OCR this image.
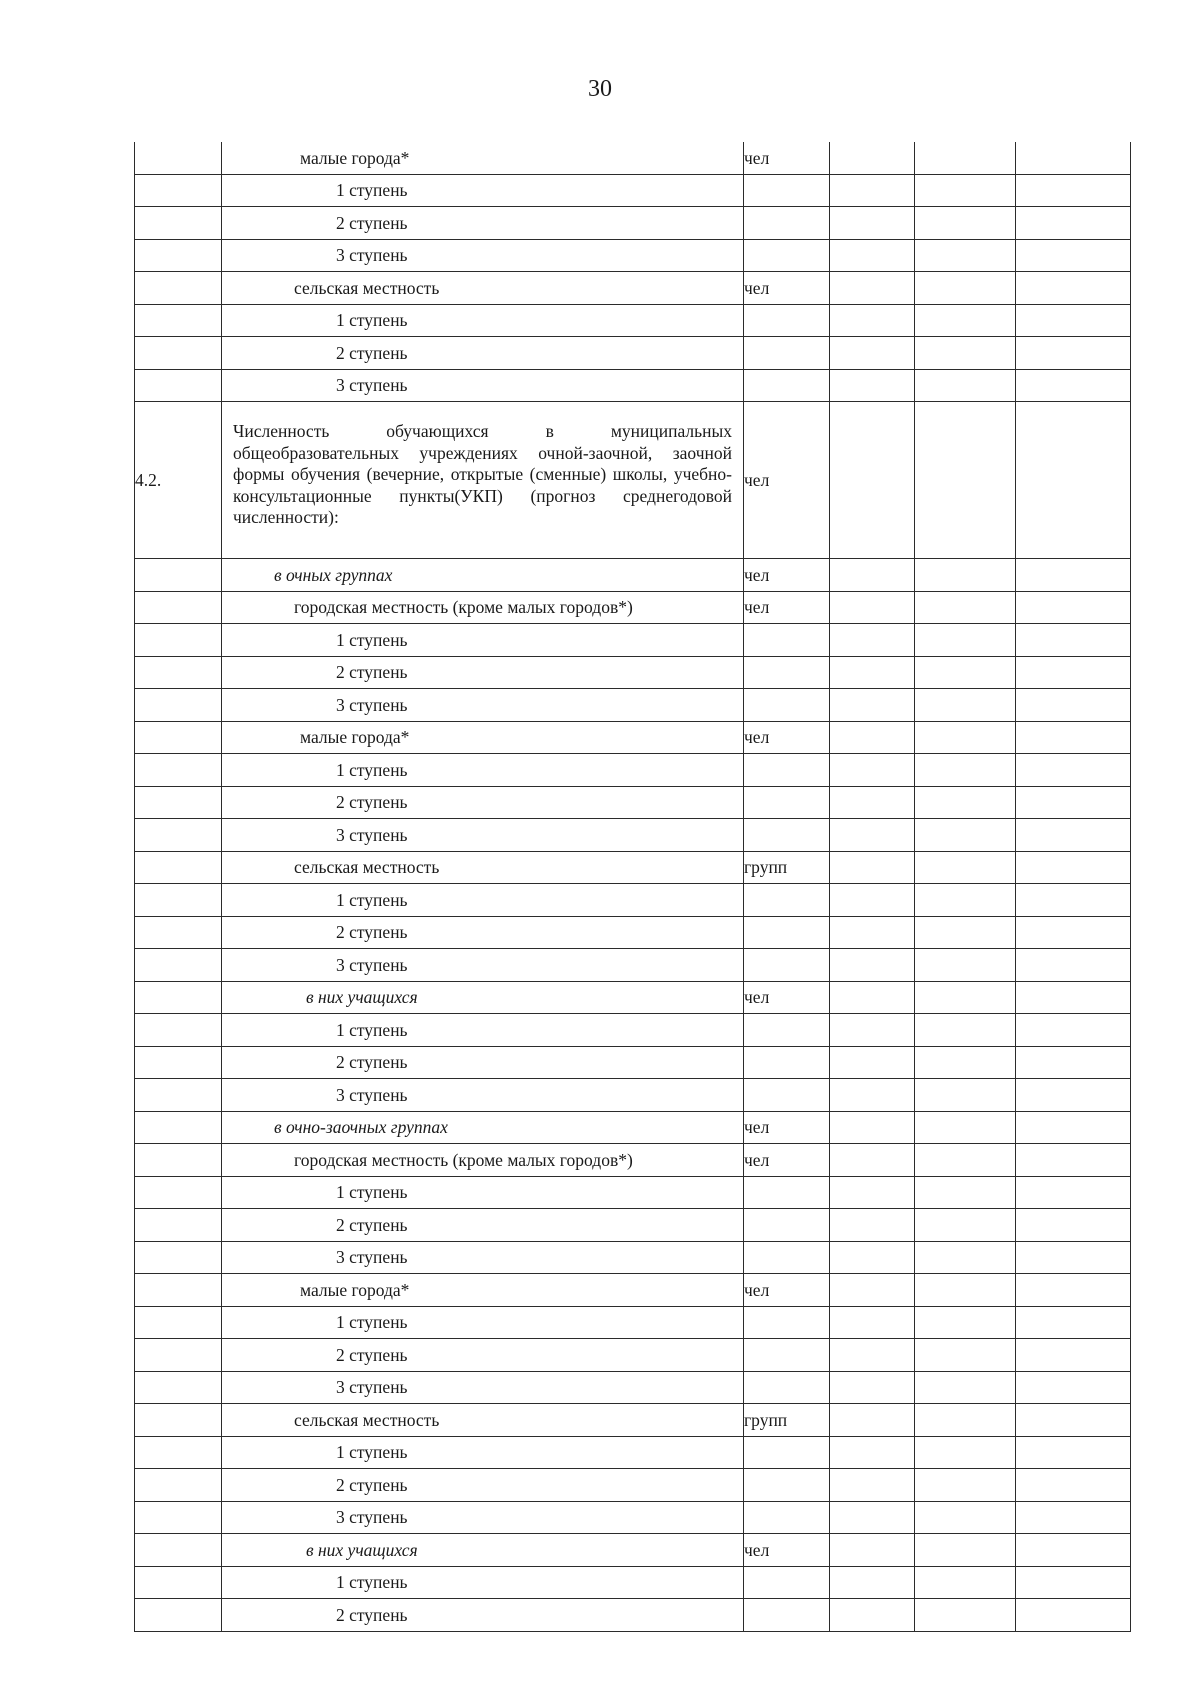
30
	малые города*	чел			
	1 ступень				
	2 ступень				
	3 ступень				
	сельская местность	чел			
	1 ступень				
	2 ступень				
	3 ступень				
4.2.	Численность обучающихся в муниципальных общеобразовательных учреждениях очной-заочной, заочной формы обучения (вечерние, открытые (сменные) школы, учебно-консультационные пункты(УКП) (прогноз среднегодовой численности):	чел			
	в очных группах	чел			
	городская местность (кроме малых городов*)	чел			
	1 ступень				
	2 ступень				
	3 ступень				
	малые города*	чел			
	1 ступень				
	2 ступень				
	3 ступень				
	сельская местность	групп			
	1 ступень				
	2 ступень				
	3 ступень				
	в них учащихся	чел			
	1 ступень				
	2 ступень				
	3 ступень				
	в очно-заочных группах	чел			
	городская местность (кроме малых городов*)	чел			
	1 ступень				
	2 ступень				
	3 ступень				
	малые города*	чел			
	1 ступень				
	2 ступень				
	3 ступень				
	сельская местность	групп			
	1 ступень				
	2 ступень				
	3 ступень				
	в них учащихся	чел			
	1 ступень				
	2 ступень				
